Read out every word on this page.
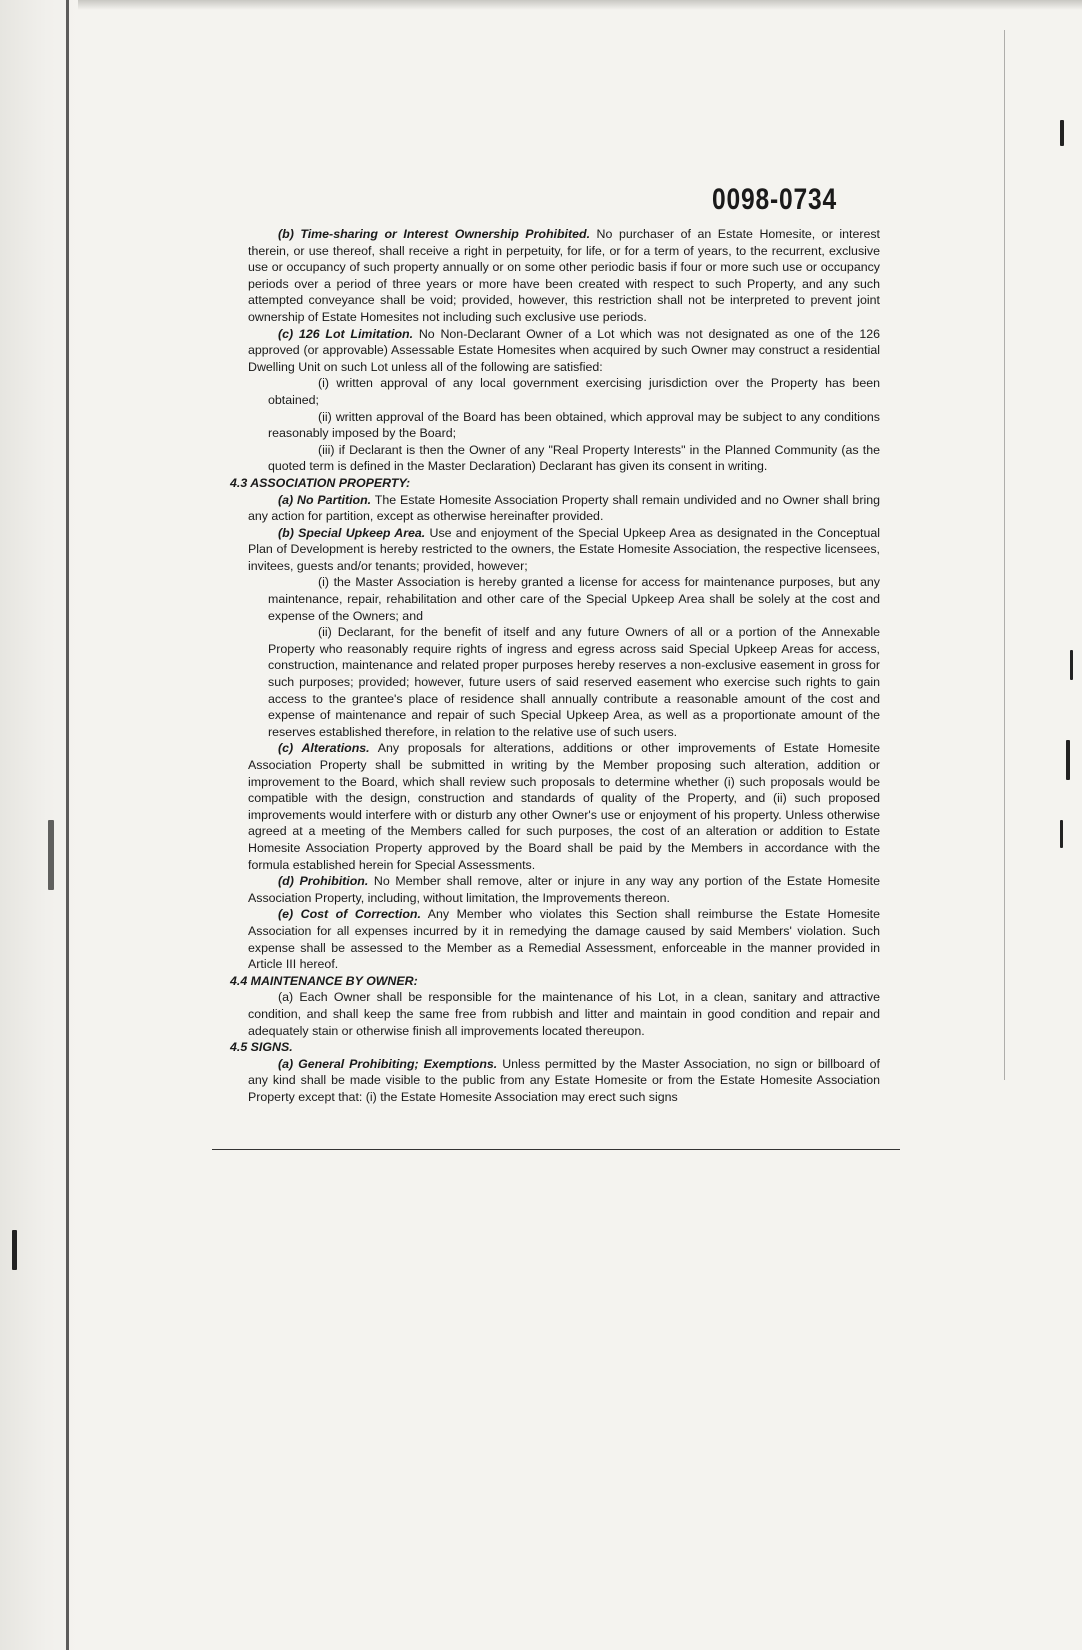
0098-0734

(b) Time-sharing or Interest Ownership Prohibited. No purchaser of an Estate Homesite, or interest therein, or use thereof, shall receive a right in perpetuity, for life, or for a term of years, to the recurrent, exclusive use or occupancy of such property annually or on some other periodic basis if four or more such use or occupancy periods over a period of three years or more have been created with respect to such Property, and any such attempted conveyance shall be void; provided, however, this restriction shall not be interpreted to prevent joint ownership of Estate Homesites not including such exclusive use periods.

(c) 126 Lot Limitation. No Non-Declarant Owner of a Lot which was not designated as one of the 126 approved (or approvable) Assessable Estate Homesites when acquired by such Owner may construct a residential Dwelling Unit on such Lot unless all of the following are satisfied:

(i) written approval of any local government exercising jurisdiction over the Property has been obtained;

(ii) written approval of the Board has been obtained, which approval may be subject to any conditions reasonably imposed by the Board;

(iii) if Declarant is then the Owner of any "Real Property Interests" in the Planned Community (as the quoted term is defined in the Master Declaration) Declarant has given its consent in writing.

4.3 ASSOCIATION PROPERTY:

(a) No Partition. The Estate Homesite Association Property shall remain undivided and no Owner shall bring any action for partition, except as otherwise hereinafter provided.

(b) Special Upkeep Area. Use and enjoyment of the Special Upkeep Area as designated in the Conceptual Plan of Development is hereby restricted to the owners, the Estate Homesite Association, the respective licensees, invitees, guests and/or tenants; provided, however;

(i) the Master Association is hereby granted a license for access for maintenance purposes, but any maintenance, repair, rehabilitation and other care of the Special Upkeep Area shall be solely at the cost and expense of the Owners; and

(ii) Declarant, for the benefit of itself and any future Owners of all or a portion of the Annexable Property who reasonably require rights of ingress and egress across said Special Upkeep Areas for access, construction, maintenance and related proper purposes hereby reserves a non-exclusive easement in gross for such purposes; provided; however, future users of said reserved easement who exercise such rights to gain access to the grantee's place of residence shall annually contribute a reasonable amount of the cost and expense of maintenance and repair of such Special Upkeep Area, as well as a proportionate amount of the reserves established therefore, in relation to the relative use of such users.

(c) Alterations. Any proposals for alterations, additions or other improvements of Estate Homesite Association Property shall be submitted in writing by the Member proposing such alteration, addition or improvement to the Board, which shall review such proposals to determine whether (i) such proposals would be compatible with the design, construction and standards of quality of the Property, and (ii) such proposed improvements would interfere with or disturb any other Owner's use or enjoyment of his property. Unless otherwise agreed at a meeting of the Members called for such purposes, the cost of an alteration or addition to Estate Homesite Association Property approved by the Board shall be paid by the Members in accordance with the formula established herein for Special Assessments.

(d) Prohibition. No Member shall remove, alter or injure in any way any portion of the Estate Homesite Association Property, including, without limitation, the Improvements thereon.

(e) Cost of Correction. Any Member who violates this Section shall reimburse the Estate Homesite Association for all expenses incurred by it in remedying the damage caused by said Members' violation. Such expense shall be assessed to the Member as a Remedial Assessment, enforceable in the manner provided in Article III hereof.

4.4 MAINTENANCE BY OWNER:

(a) Each Owner shall be responsible for the maintenance of his Lot, in a clean, sanitary and attractive condition, and shall keep the same free from rubbish and litter and maintain in good condition and repair and adequately stain or otherwise finish all improvements located thereupon.

4.5 SIGNS.

(a) General Prohibiting; Exemptions. Unless permitted by the Master Association, no sign or billboard of any kind shall be made visible to the public from any Estate Homesite or from the Estate Homesite Association Property except that: (i) the Estate Homesite Association may erect such signs
